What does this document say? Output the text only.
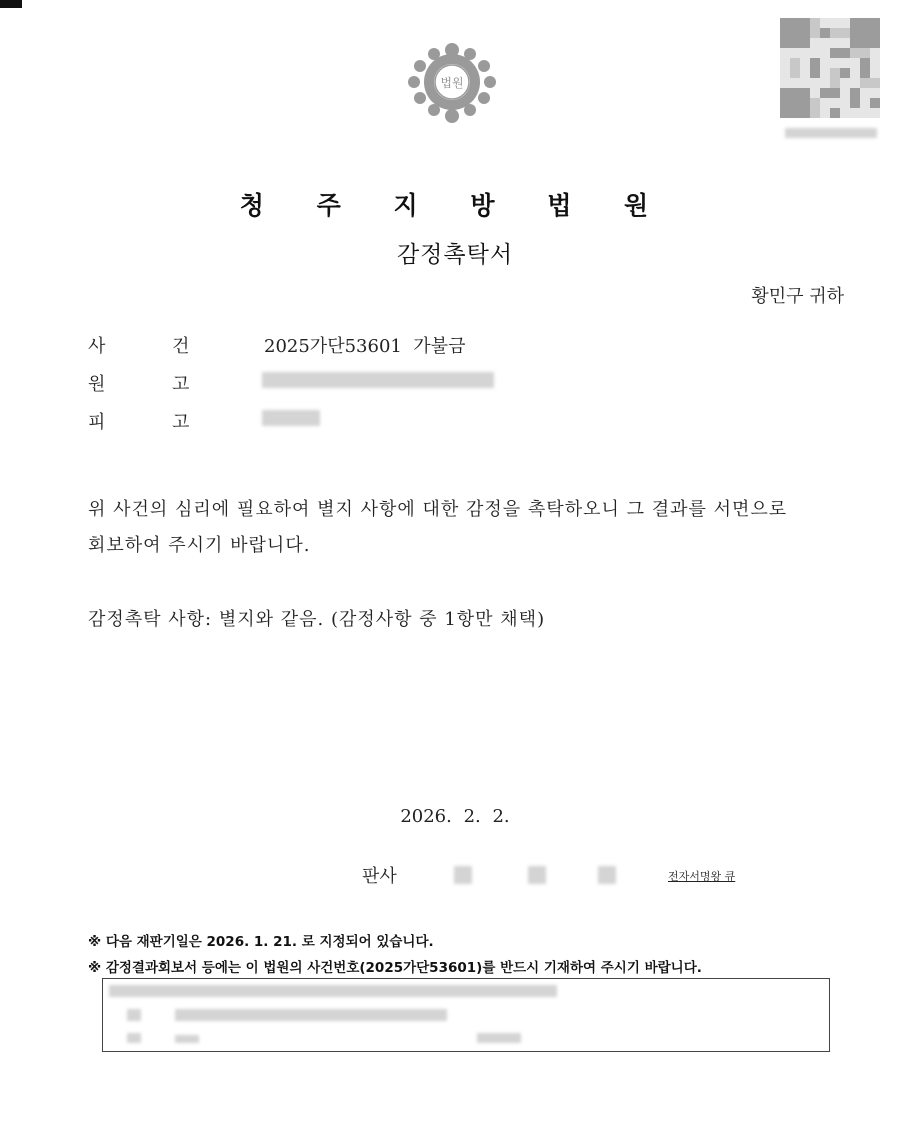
법원
청 주 지 방 법 원
감정촉탁서
황민구 귀하
사	건	2025가단53601  가불금
원	고
피	고
위 사건의 심리에 필요하여 별지 사항에 대한 감정을 촉탁하오니 그 결과를 서면으로
회보하여 주시기 바랍니다.
감정촉탁 사항: 별지와 같음. (감정사항 중 1항만 채택)
2026. 2. 2.
판사	전자서명왕 큐
※ 다음 재판기일은 2026. 1. 21. 로 지정되어 있습니다.
※ 감정결과회보서 등에는 이 법원의 사건번호(2025가단53601)를 반드시 기재하여 주시기 바랍니다.
